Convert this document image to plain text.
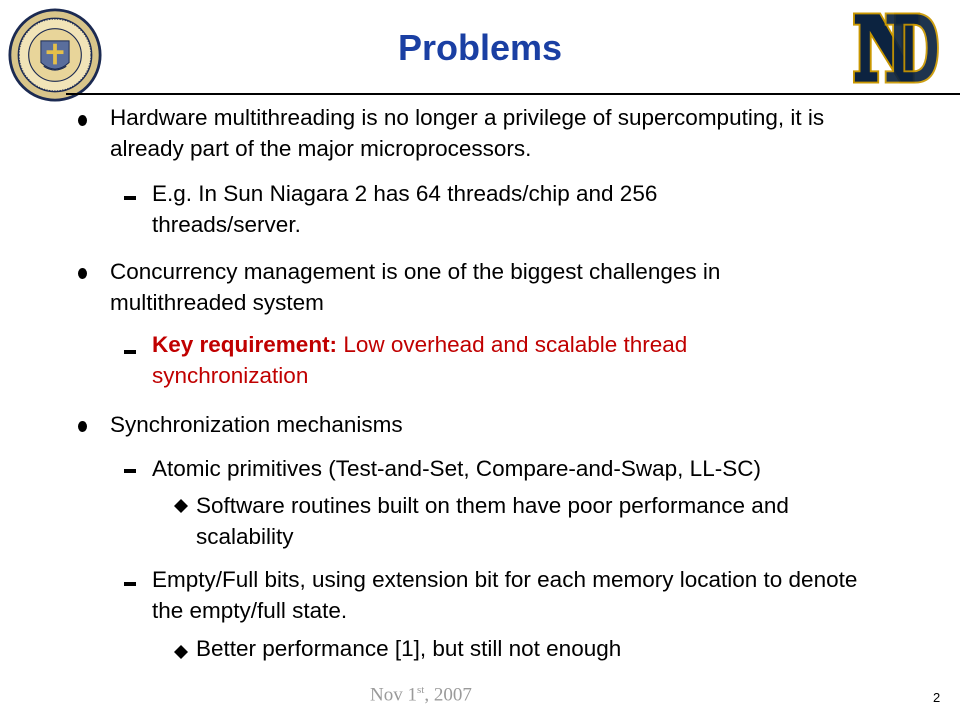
Problems
Hardware multithreading is no longer a privilege of supercomputing, it is already part of the major microprocessors.
E.g. In Sun Niagara 2 has 64 threads/chip and 256 threads/server.
Concurrency management is one of the biggest challenges in multithreaded system
Key requirement: Low overhead and scalable thread synchronization
Synchronization mechanisms
Atomic primitives (Test-and-Set, Compare-and-Swap, LL-SC)
Software routines built on them have poor performance and scalability
Empty/Full bits, using extension bit for each memory location to denote the empty/full state.
Better performance [1], but still not enough
Nov 1st, 2007	2
